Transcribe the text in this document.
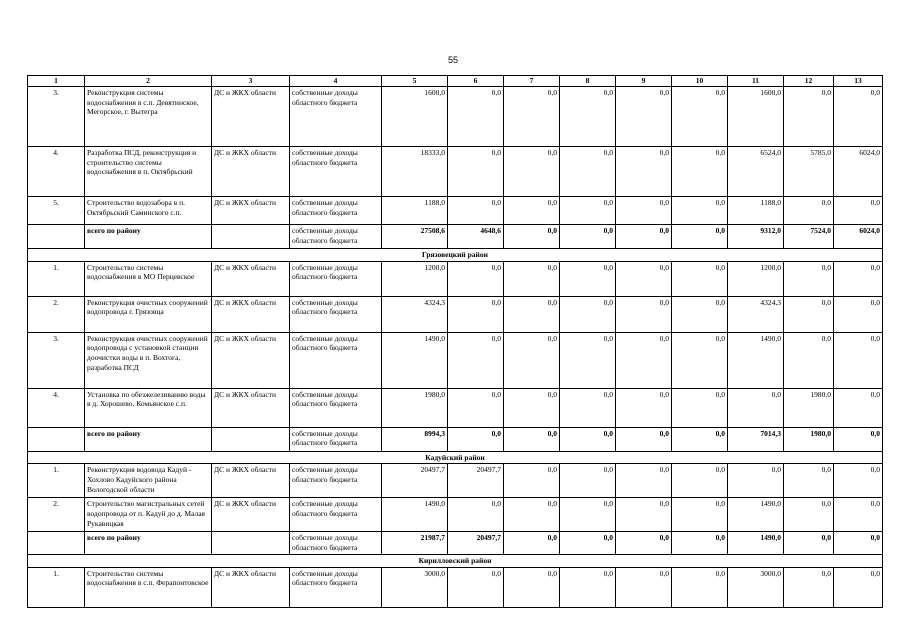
55
1	2	3	4	5	6	7	8	9	10	11	12	13
3.	Реконструкция системы водоснабжения в с.п. Девятинское, Мегорское, г. Вытегра	ДС и ЖКХ области	собственные доходы областного бюджета	1600,0	0,0	0,0	0,0	0,0	0,0	1600,0	0,0	0,0
4.	Разработка ПСД, реконструкция и строительство системы водоснабжения в п. Октябрьский	ДС и ЖКХ области	собственные доходы областного бюджета	18333,0	0,0	0,0	0,0	0,0	0,0	6524,0	5785,0	6024,0
5.	Строительство водозабора в п. Октябрьский Саминского с.п.	ДС и ЖКХ области	собственные доходы областного бюджета	1188,0	0,0	0,0	0,0	0,0	0,0	1188,0	0,0	0,0
	всего по району		собственные доходы областного бюджета	27508,6	4648,6	0,0	0,0	0,0	0,0	9312,0	7524,0	6024,0
Грязовецкий район												
1.	Строительство системы водоснабжения в МО Перцевское	ДС и ЖКХ области	собственные доходы областного бюджета	1200,0	0,0	0,0	0,0	0,0	0,0	1200,0	0,0	0,0
2.	Реконструкция очистных сооружений водопровода г. Грязовца	ДС и ЖКХ области	собственные доходы областного бюджета	4324,3	0,0	0,0	0,0	0,0	0,0	4324,3	0,0	0,0
3.	Реконструкция очистных сооружений водопровода с установкой станции доочистки воды в п. Вохтога, разработка ПСД	ДС и ЖКХ области	собственные доходы областного бюджета	1490,0	0,0	0,0	0,0	0,0	0,0	1490,0	0,0	0,0
4.	Установка по обезжелезиванию воды в д. Хорошево, Комьянское с.п.	ДС и ЖКХ области	собственные доходы областного бюджета	1980,0	0,0	0,0	0,0	0,0	0,0	0,0	1980,0	0,0
	всего по району		собственные доходы областного бюджета	8994,3	0,0	0,0	0,0	0,0	0,0	7014,3	1980,0	0,0
Кадуйский район												
1.	Реконструкция водовода Кадуй - Хохлово Кадуйского района Вологодской области	ДС и ЖКХ области	собственные доходы областного бюджета	20497,7	20497,7	0,0	0,0	0,0	0,0	0,0	0,0	0,0
2.	Строительство магистральных сетей водопровода от п. Кадуй до д. Малая Рукавицкая	ДС и ЖКХ области	собственные доходы областного бюджета	1490,0	0,0	0,0	0,0	0,0	0,0	1490,0	0,0	0,0
	всего по району		собственные доходы областного бюджета	21987,7	20497,7	0,0	0,0	0,0	0,0	1490,0	0,0	0,0
Кирилловский район												
1.	Строительство системы водоснабжения в с.п. Ферапонтовское	ДС и ЖКХ области	собственные доходы областного бюджета	3000,0	0,0	0,0	0,0	0,0	0,0	3000,0	0,0	0,0
